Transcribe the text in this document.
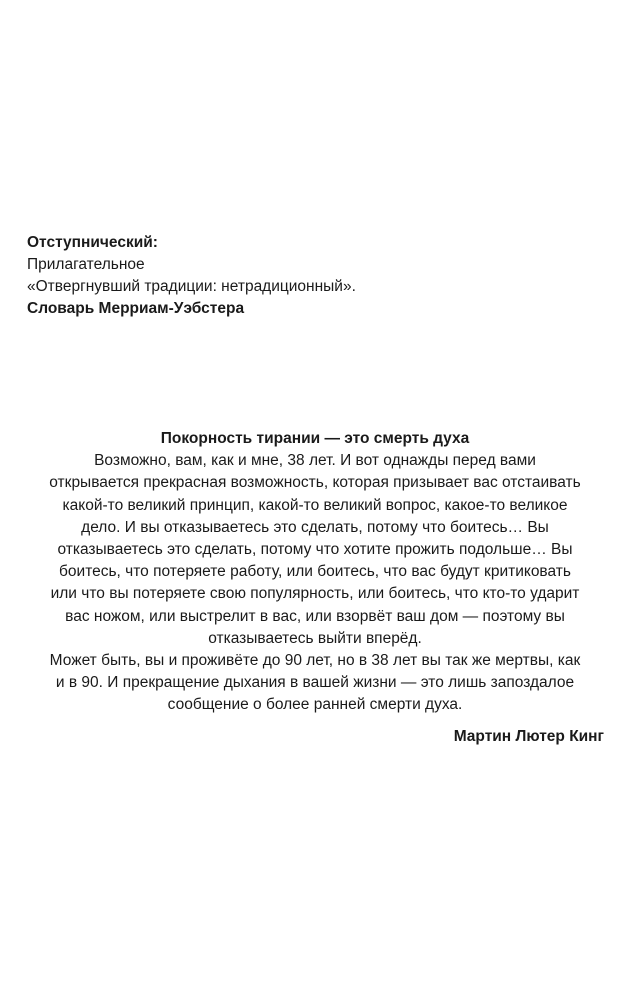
Отступнический:
Прилагательное
«Отвергнувший традиции: нетрадиционный».
Словарь Мерриам-Уэбстера
Покорность тирании — это смерть духа
Возможно, вам, как и мне, 38 лет. И вот однажды перед вами
открывается прекрасная возможность, которая призывает вас отстаивать
какой-то великий принцип, какой-то великий вопрос, какое-то великое
дело. И вы отказываетесь это сделать, потому что боитесь… Вы
отказываетесь это сделать, потому что хотите прожить подольше… Вы
боитесь, что потеряете работу, или боитесь, что вас будут критиковать
или что вы потеряете свою популярность, или боитесь, что кто-то ударит
вас ножом, или выстрелит в вас, или взорвёт ваш дом — поэтому вы
отказываетесь выйти вперёд.
Может быть, вы и проживёте до 90 лет, но в 38 лет вы так же мертвы, как
и в 90. И прекращение дыхания в вашей жизни — это лишь запоздалое
сообщение о более ранней смерти духа.
Мартин Лютер Кинг
